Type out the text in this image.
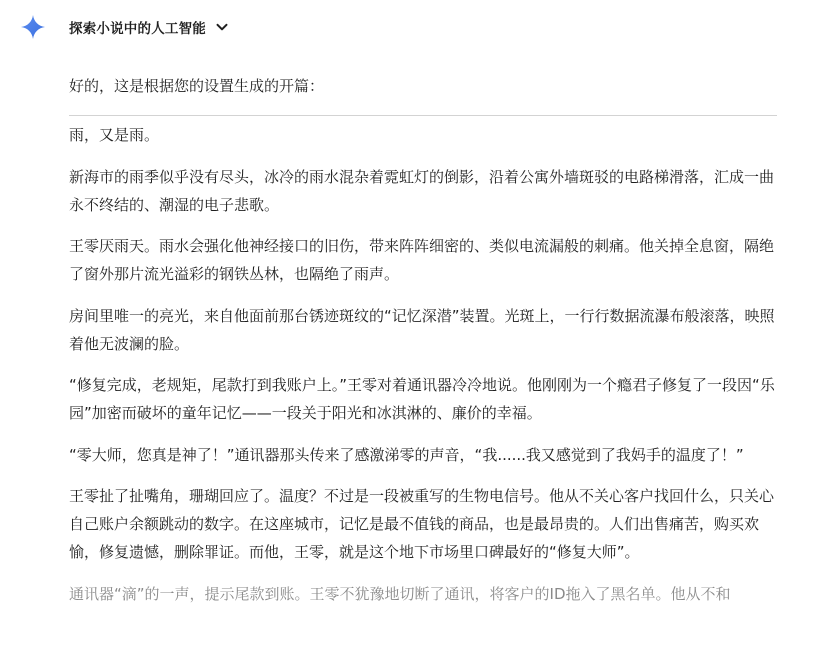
探索小说中的人工智能

好的，这是根据您的设置生成的开篇：

雨，又是雨。

新海市的雨季似乎没有尽头，冰冷的雨水混杂着霓虹灯的倒影，沿着公寓外墙斑驳的电路梯滑落，汇成一曲永不终结的、潮湿的电子悲歌。

王零厌雨天。雨水会强化他神经接口的旧伤，带来阵阵细密的、类似电流漏般的刺痛。他关掉全息窗，隔绝了窗外那片流光溢彩的钢铁丛林，也隔绝了雨声。

房间里唯一的亮光，来自他面前那台锈迹斑纹的“记忆深潜”装置。光斑上，一行行数据流瀑布般滚落，映照着他无波澜的脸。

“修复完成，老规矩，尾款打到我账户上。”王零对着通讯器冷冷地说。他刚刚为一个瘾君子修复了一段因“乐园”加密而破坏的童年记忆——一段关于阳光和冰淇淋的、廉价的幸福。

“零大师，您真是神了！”通讯器那头传来了感激涕零的声音，“我......我又感觉到了我妈手的温度了！”

王零扯了扯嘴角，珊瑚回应了。温度？不过是一段被重写的生物电信号。他从不关心客户找回什么，只关心自己账户余额跳动的数字。在这座城市，记忆是最不值钱的商品，也是最昂贵的。人们出售痛苦，购买欢愉，修复遗憾，删除罪证。而他，王零，就是这个地下市场里口碑最好的“修复大师”。

通讯器“滴”的一声，提示尾款到账。王零不犹豫地切断了通讯，将客户的ID拖入了黑名单。他从不和
